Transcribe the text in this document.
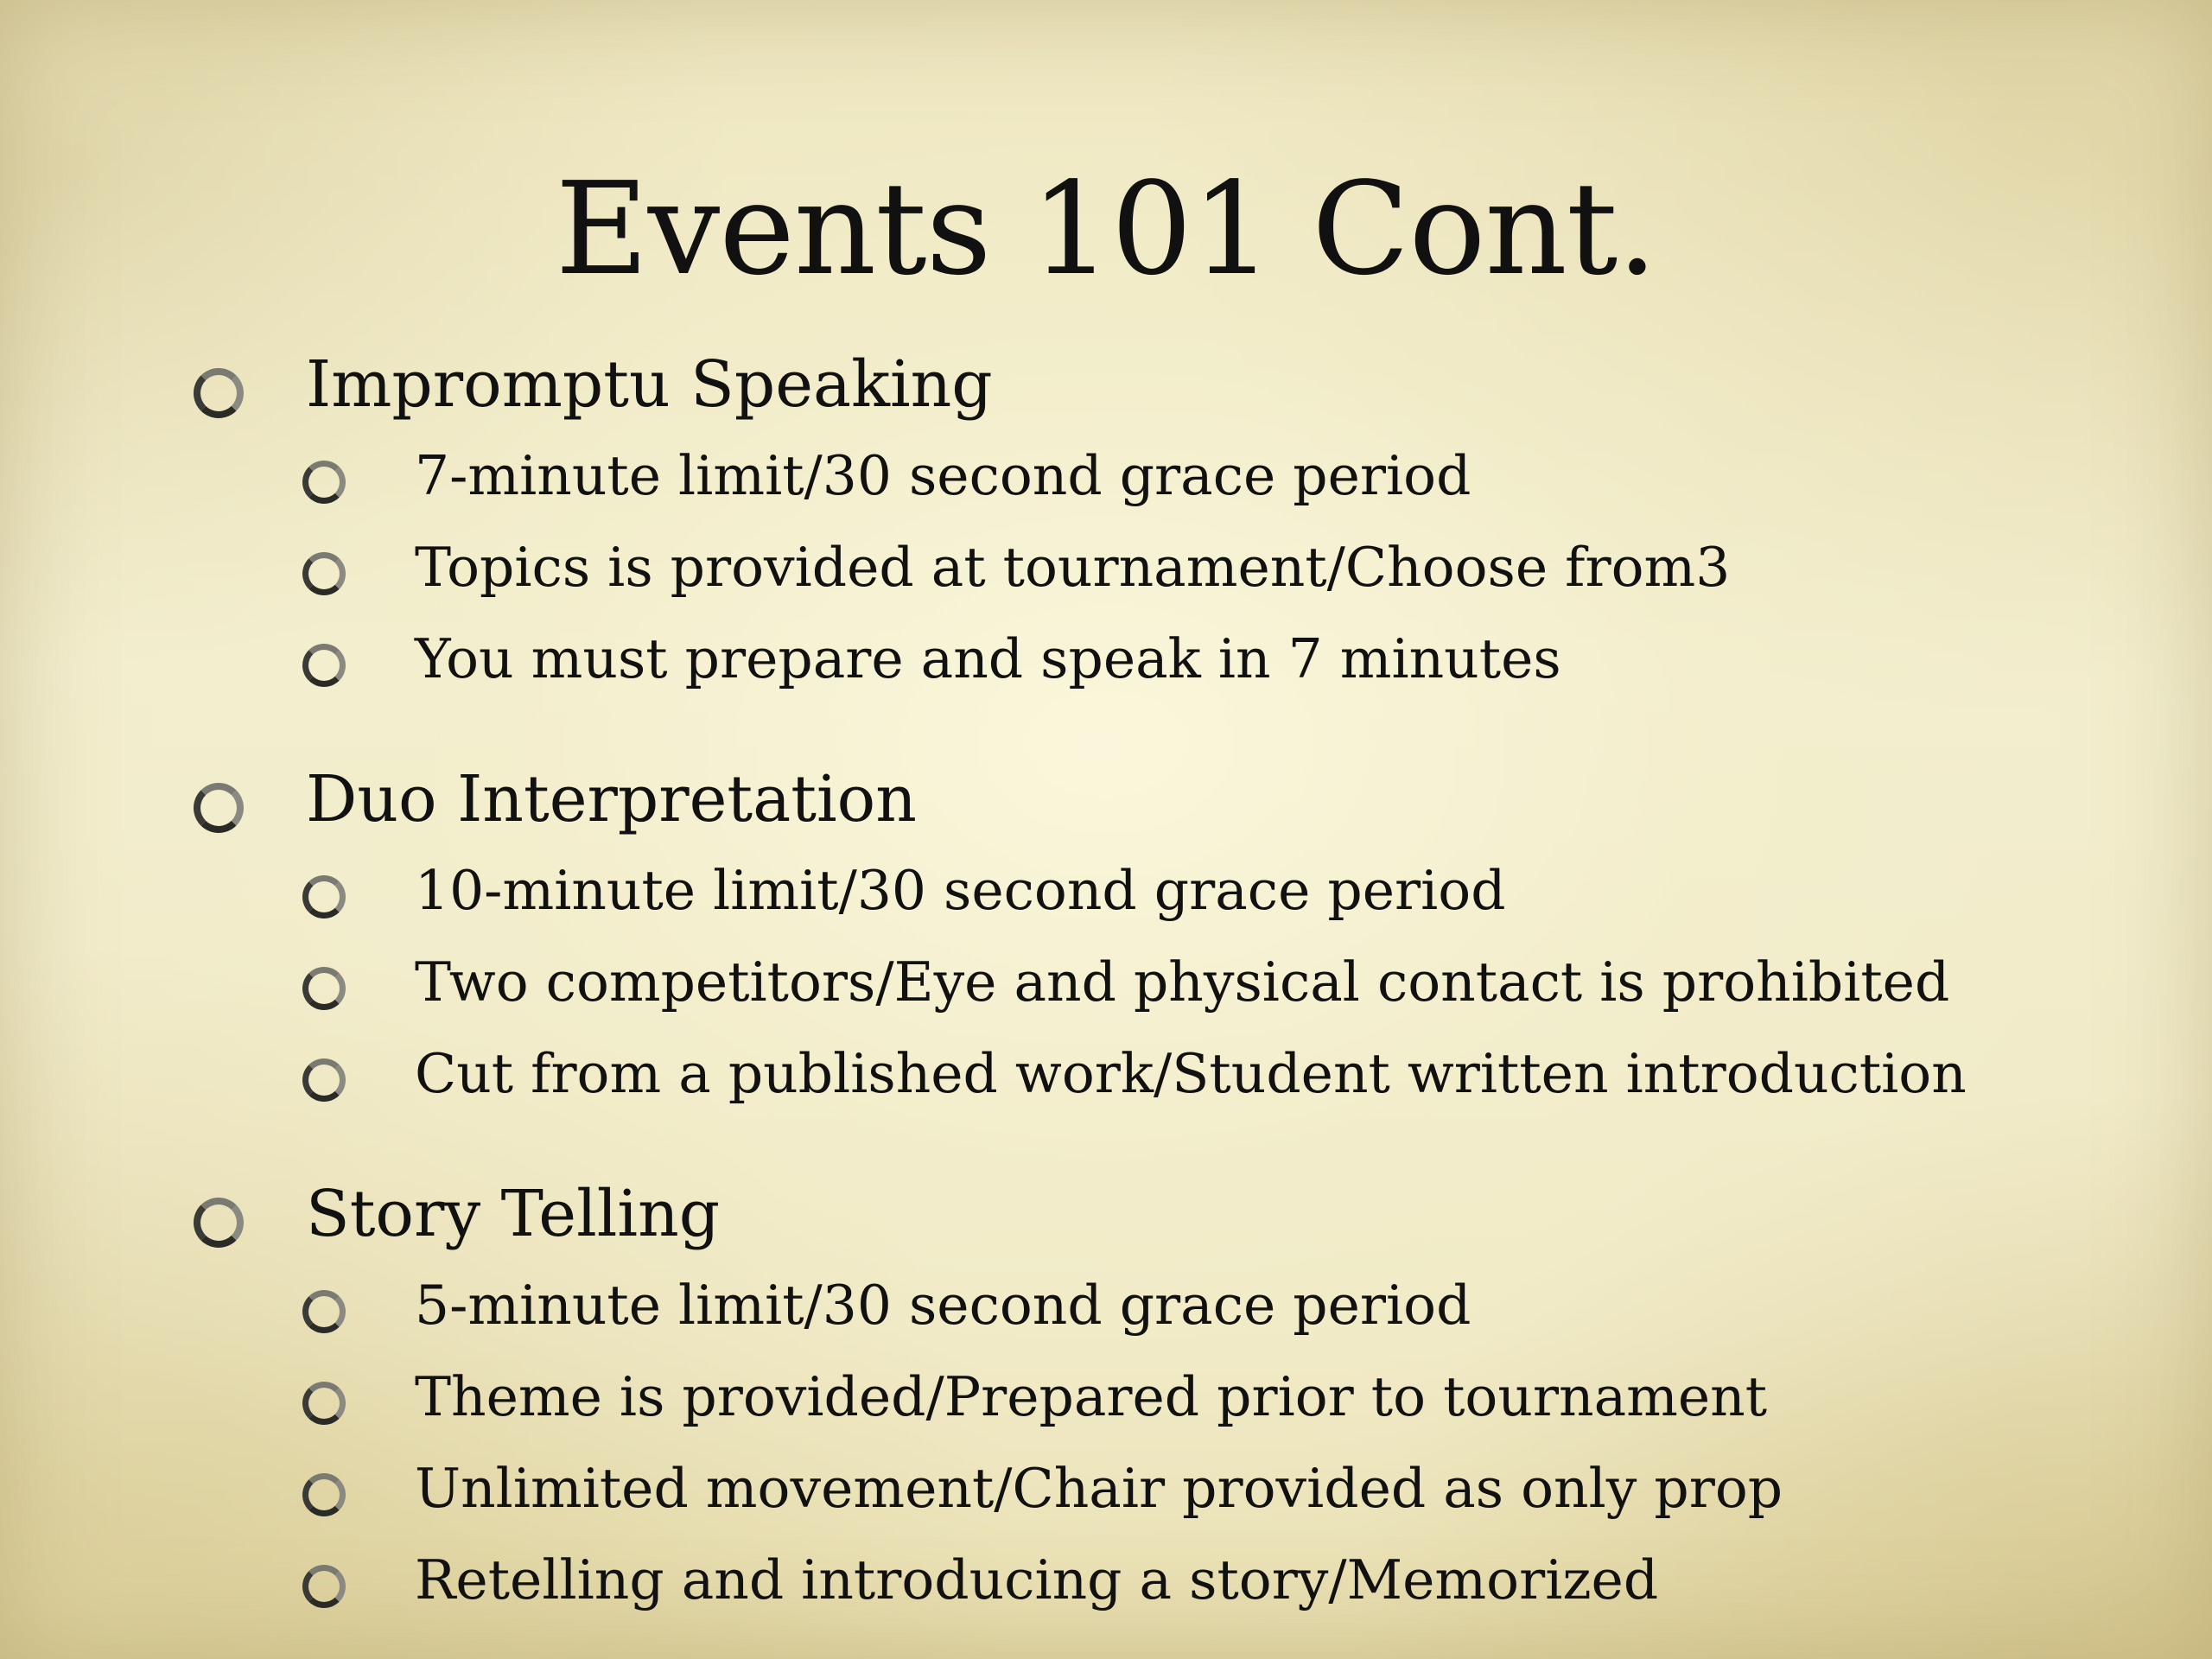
Events 101 Cont.
Impromptu Speaking
7-minute limit/30 second grace period
Topics is provided at tournament/Choose from3
You must prepare and speak in 7 minutes
Duo Interpretation
10-minute limit/30 second grace period
Two competitors/Eye and physical contact is prohibited
Cut from a published work/Student written introduction
Story Telling
5-minute limit/30 second grace period
Theme is provided/Prepared prior to tournament
Unlimited movement/Chair provided as only prop
Retelling and introducing a story/Memorized
